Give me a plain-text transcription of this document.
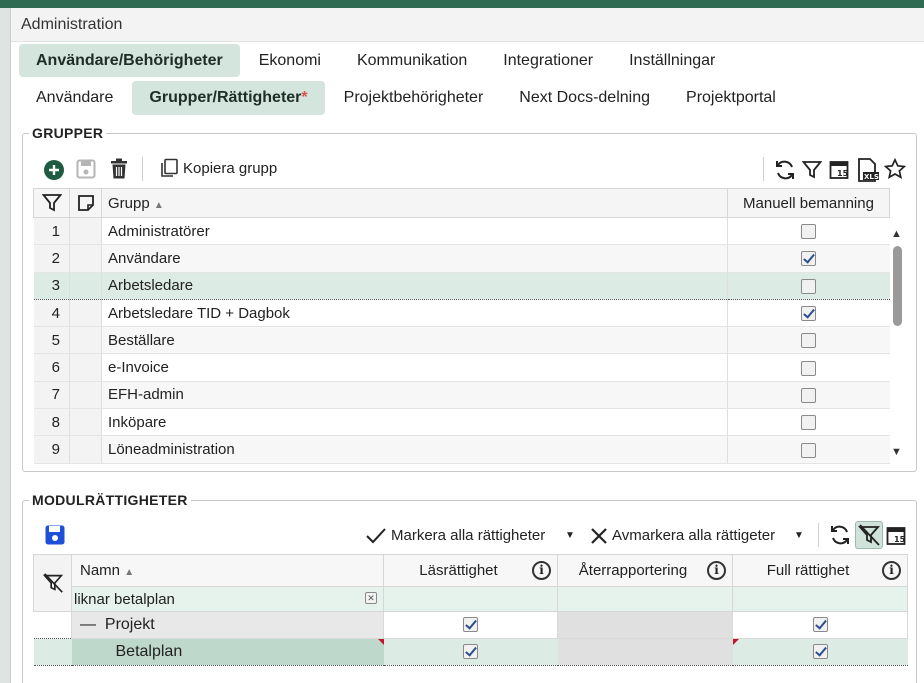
Administration
Användare/Behörigheter	Ekonomi	Kommunikation	Integrationer	Inställningar
Användare	Grupper/Rättigheter*	Projektbehörigheter	Next Docs-delning	Projektportal
GRUPPER
Kopiera grupp	15 XLS
		Grupp ▲	Manuell bemanning
1		Administratörer	
2		Användare	
3		Arbetsledare	
4		Arbetsledare TID + Dagbok	
5		Beställare	
6		e-Invoice	
7		EFH-admin	
8		Inköpare	
9		Löneadministration	
▲
▼
MODULRÄTTIGHETER
Markera alla rättigheter ▼ Avmarkera alla rättigeter ▼	15
	Namn ▲	Läsrättighet i	Återrapportering i	Full rättighet i

	liknar betalplan ✕			

	— Projekt			
	Betalplan
